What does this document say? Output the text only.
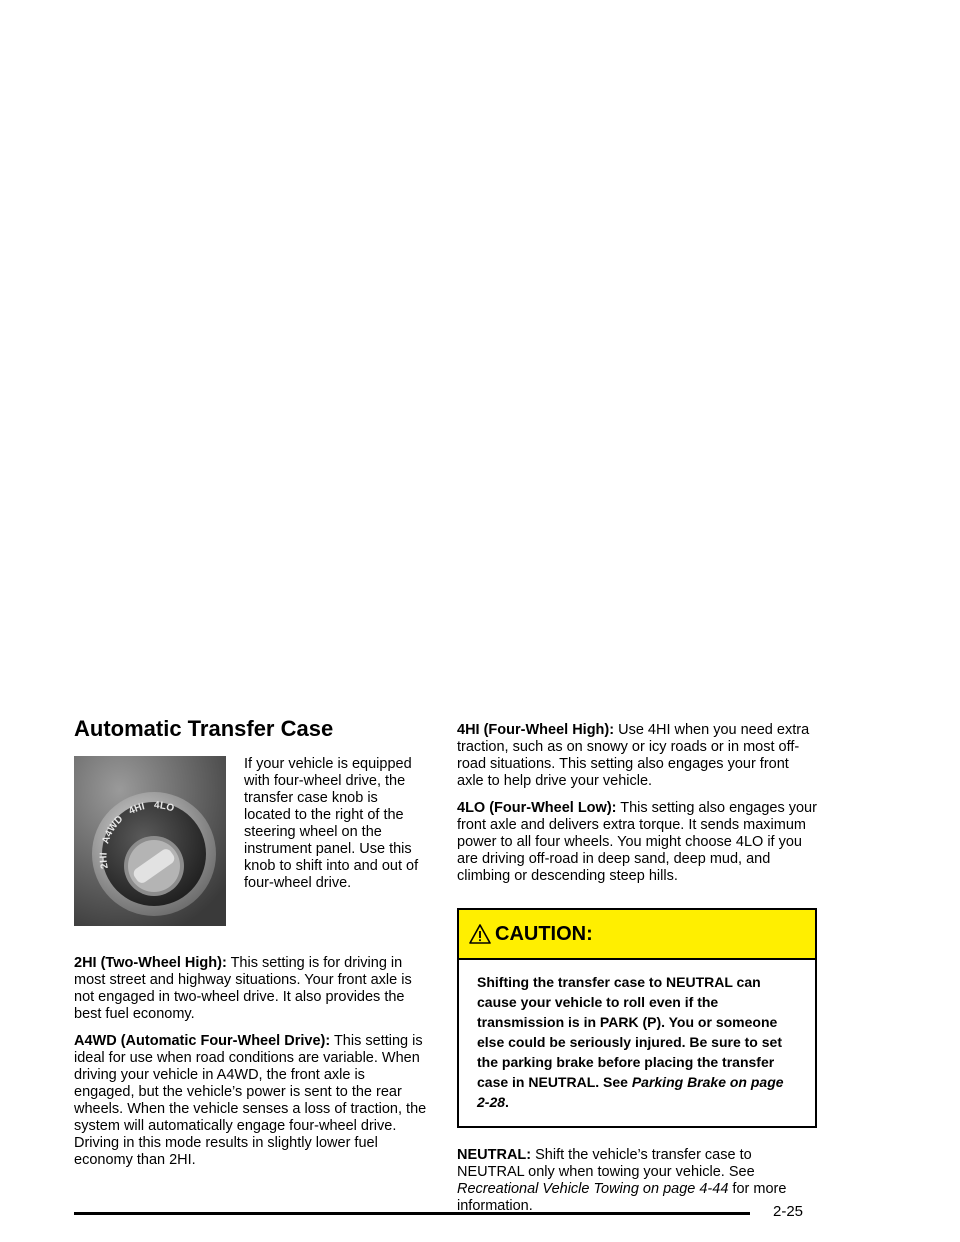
Automatic Transfer Case
2HI A4WD 4HI 4LO

If your vehicle is equipped with four-wheel drive, the transfer case knob is located to the right of the steering wheel on the instrument panel. Use this knob to shift into and out of four-wheel drive.

2HI (Two-Wheel High): This setting is for driving in most street and highway situations. Your front axle is not engaged in two-wheel drive. It also provides the best fuel economy.

A4WD (Automatic Four-Wheel Drive): This setting is ideal for use when road conditions are variable. When driving your vehicle in A4WD, the front axle is engaged, but the vehicle’s power is sent to the rear wheels. When the vehicle senses a loss of traction, the system will automatically engage four-wheel drive. Driving in this mode results in slightly lower fuel economy than 2HI.

4HI (Four-Wheel High): Use 4HI when you need extra traction, such as on snowy or icy roads or in most off-road situations. This setting also engages your front axle to help drive your vehicle.

4LO (Four-Wheel Low): This setting also engages your front axle and delivers extra torque. It sends maximum power to all four wheels. You might choose 4LO if you are driving off-road in deep sand, deep mud, and climbing or descending steep hills.

CAUTION:
Shifting the transfer case to NEUTRAL can cause your vehicle to roll even if the transmission is in PARK (P). You or someone else could be seriously injured. Be sure to set the parking brake before placing the transfer case in NEUTRAL. See Parking Brake on page 2-28.

NEUTRAL: Shift the vehicle’s transfer case to NEUTRAL only when towing your vehicle. See Recreational Vehicle Towing on page 4-44 for more information.	2-25
